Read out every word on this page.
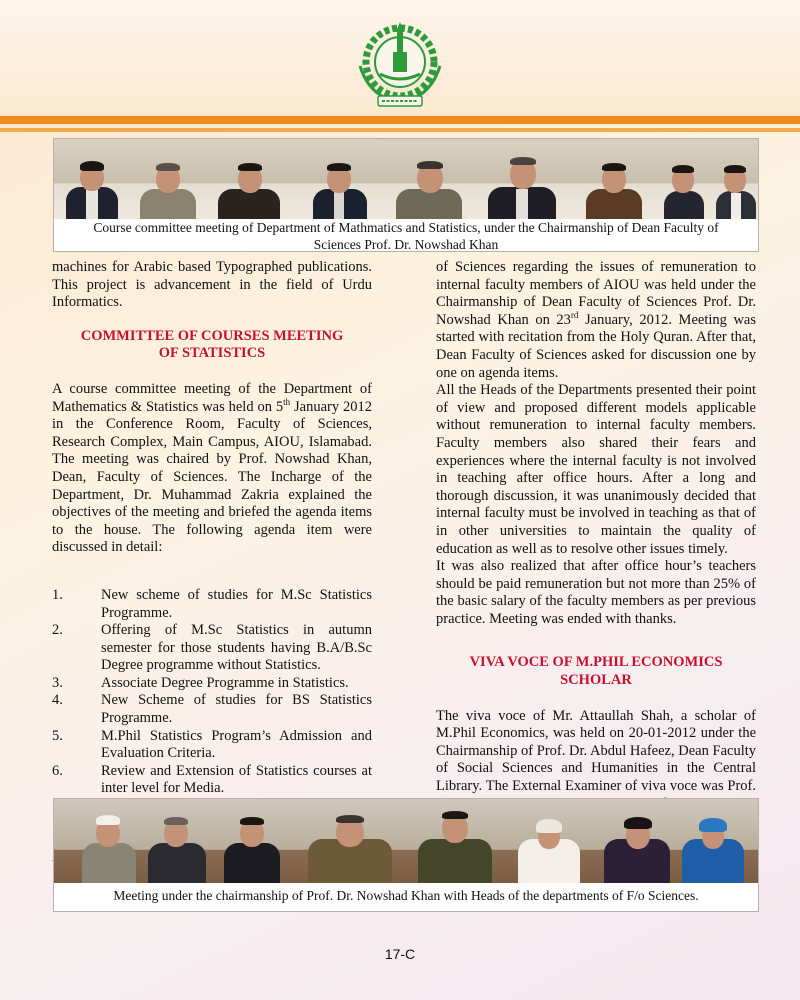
Course committee meeting of Department of Mathmatics and Statistics, under the Chairmanship of Dean Faculty of Sciences Prof. Dr. Nowshad Khan

machines for Arabic based Typographed publications. This project is advancement in the field of Urdu Informatics.

COMMITTEE OF COURSES MEETING OF STATISTICS

A course committee meeting of the Department of Mathematics & Statistics was held on 5th January 2012 in the Conference Room, Faculty of Sciences, Research Complex, Main Campus, AIOU, Islamabad. The meeting was chaired by Prof. Nowshad Khan, Dean, Faculty of Sciences. The Incharge of the Department, Dr. Muhammad Zakria explained the objectives of the meeting and briefed the agenda items to the house. The following agenda item were discussed in detail:

1.	New scheme of studies for M.Sc Statistics Programme.
2.	Offering of M.Sc Statistics in autumn semester for those students having B.A/B.Sc Degree programme without Statistics.
3.	Associate Degree Programme in Statistics.
4.	New Scheme of studies for BS Statistics Programme.
5.	M.Phil Statistics Program’s Admission and Evaluation Criteria.
6.	Review and Extension of Statistics courses at inter level for Media.

of Sciences regarding the issues of remuneration to internal faculty members of AIOU was held under the Chairmanship of Dean Faculty of Sciences Prof. Dr. Nowshad Khan on 23rd January, 2012. Meeting was started with recitation from the Holy Quran. After that, Dean Faculty of Sciences asked for discussion one by one on agenda items.

All the Heads of the Departments presented their point of view and proposed different models applicable without remuneration to internal faculty members. Faculty members also shared their fears and experiences where the internal faculty is not involved in teaching after office hours. After a long and thorough discussion, it was unanimously decided that internal faculty must be involved in teaching as that of in other universities to maintain the quality of education as well as to resolve other issues timely.

It was also realized that after office hour’s teachers should be paid remuneration but not more than 25% of the basic salary of the faculty members as per previous practice. Meeting was ended with thanks.

VIVA VOCE OF M.PHIL ECONOMICS SCHOLAR

The viva voce of Mr. Attaullah Shah, a scholar of M.Phil Economics, was held on 20-01-2012 under the Chairmanship of Prof. Dr. Abdul Hafeez, Dean Faculty of Social Sciences and Humanities in the Central Library. The External Examiner of viva voce was Prof.

Meeting under the chairmanship of Prof. Dr. Nowshad Khan with Heads of the departments of F/o Sciences.
17-C
